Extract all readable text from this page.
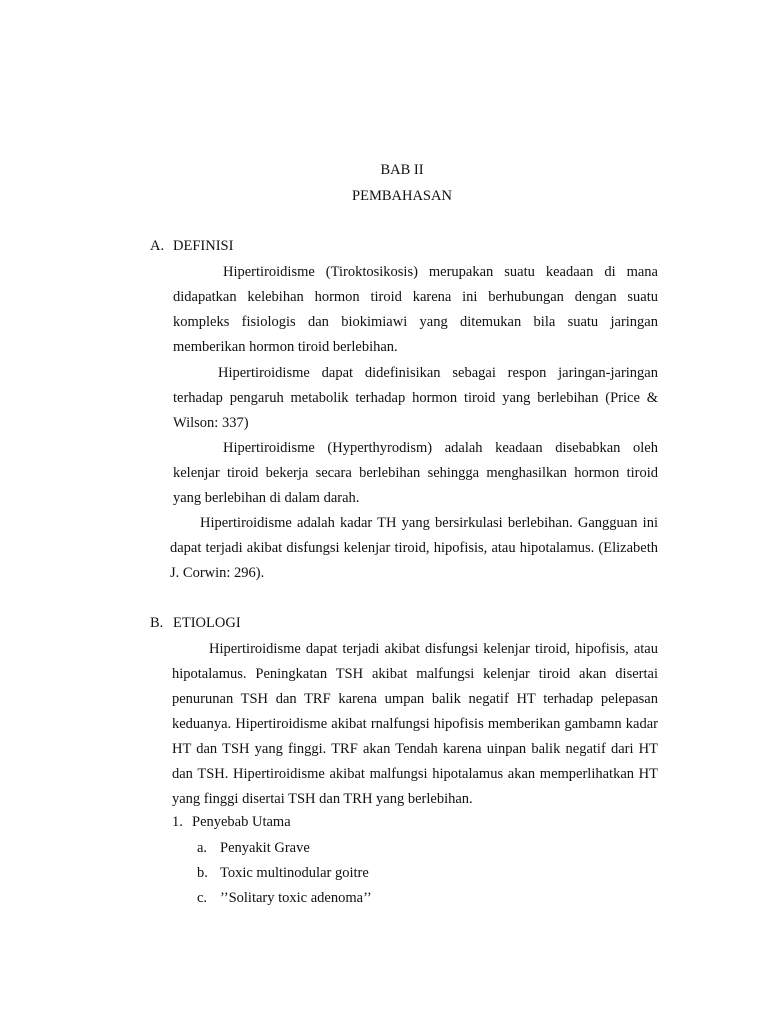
BAB II
PEMBAHASAN
A. DEFINISI
Hipertiroidisme (Tiroktosikosis) merupakan suatu keadaan di mana didapatkan kelebihan hormon tiroid karena ini berhubungan dengan suatu kompleks fisiologis dan biokimiawi yang ditemukan bila suatu jaringan memberikan hormon tiroid berlebihan.
Hipertiroidisme dapat didefinisikan sebagai respon jaringan-jaringan terhadap pengaruh metabolik terhadap hormon tiroid yang berlebihan (Price & Wilson: 337)
Hipertiroidisme (Hyperthyrodism) adalah keadaan disebabkan oleh kelenjar tiroid bekerja secara berlebihan sehingga menghasilkan hormon tiroid yang berlebihan di dalam darah.
Hipertiroidisme adalah kadar TH yang bersirkulasi berlebihan. Gangguan ini dapat terjadi akibat disfungsi kelenjar tiroid, hipofisis, atau hipotalamus. (Elizabeth J. Corwin: 296).
B. ETIOLOGI
Hipertiroidisme dapat terjadi akibat disfungsi kelenjar tiroid, hipofisis, atau hipotalamus. Peningkatan TSH akibat malfungsi kelenjar tiroid akan disertai penurunan TSH dan TRF karena umpan balik negatif HT terhadap pelepasan keduanya. Hipertiroidisme akibat rnalfungsi hipofisis memberikan gambamn kadar HT dan TSH yang finggi. TRF akan Tendah karena uinpan balik negatif dari HT dan TSH. Hipertiroidisme akibat malfungsi hipotalamus akan memperlihatkan HT yang finggi disertai TSH dan TRH yang berlebihan.
1. Penyebab Utama
a. Penyakit Grave
b. Toxic multinodular goitre
c. ’’Solitary toxic adenoma’’
